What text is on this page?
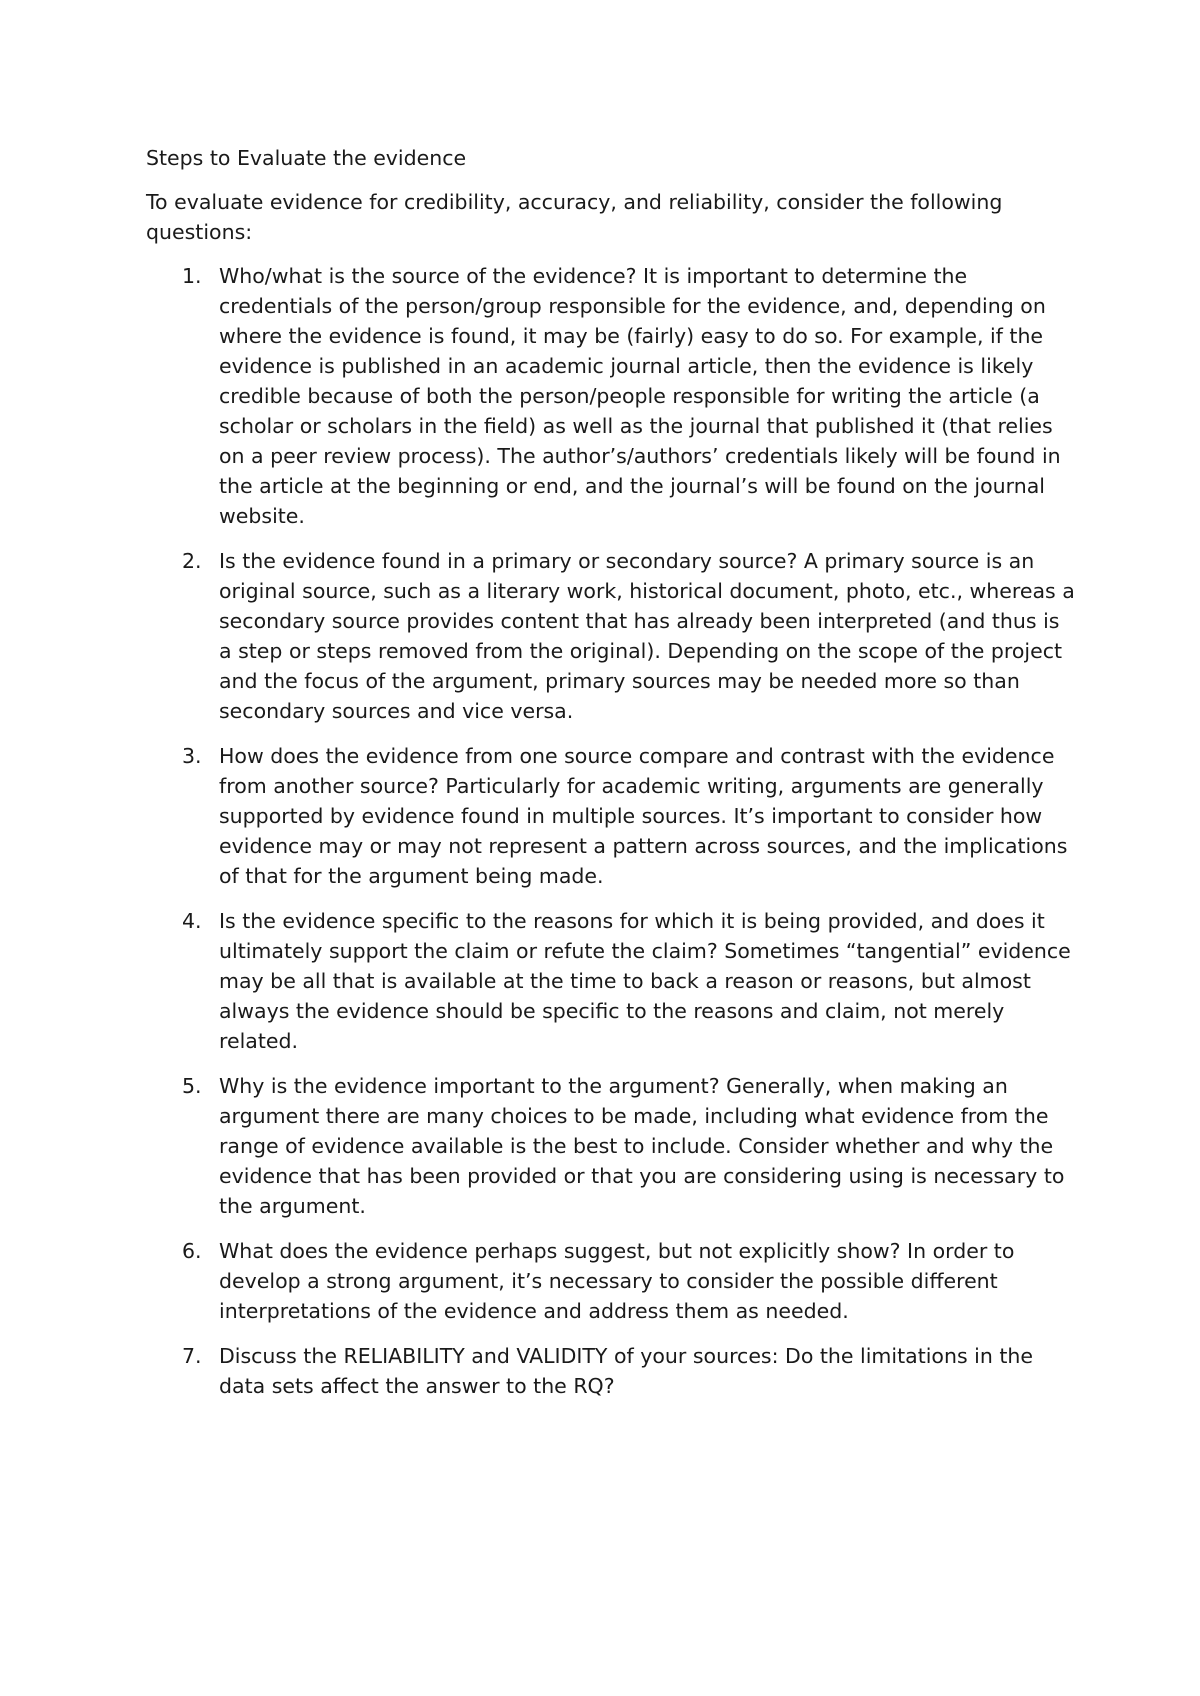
Steps to Evaluate the evidence

To evaluate evidence for credibility, accuracy, and reliability, consider the following questions:

1. Who/what is the source of the evidence? It is important to determine the credentials of the person/group responsible for the evidence, and, depending on where the evidence is found, it may be (fairly) easy to do so. For example, if the evidence is published in an academic journal article, then the evidence is likely credible because of both the person/people responsible for writing the article (a scholar or scholars in the field) as well as the journal that published it (that relies on a peer review process). The author’s/authors’ credentials likely will be found in the article at the beginning or end, and the journal’s will be found on the journal website.
2. Is the evidence found in a primary or secondary source? A primary source is an original source, such as a literary work, historical document, photo, etc., whereas a secondary source provides content that has already been interpreted (and thus is a step or steps removed from the original). Depending on the scope of the project and the focus of the argument, primary sources may be needed more so than secondary sources and vice versa.
3. How does the evidence from one source compare and contrast with the evidence from another source? Particularly for academic writing, arguments are generally supported by evidence found in multiple sources. It’s important to consider how evidence may or may not represent a pattern across sources, and the implications of that for the argument being made.
4. Is the evidence specific to the reasons for which it is being provided, and does it ultimately support the claim or refute the claim? Sometimes “tangential” evidence may be all that is available at the time to back a reason or reasons, but almost always the evidence should be specific to the reasons and claim, not merely related.
5. Why is the evidence important to the argument? Generally, when making an argument there are many choices to be made, including what evidence from the range of evidence available is the best to include. Consider whether and why the evidence that has been provided or that you are considering using is necessary to the argument.
6. What does the evidence perhaps suggest, but not explicitly show? In order to develop a strong argument, it’s necessary to consider the possible different interpretations of the evidence and address them as needed.
7. Discuss the RELIABILITY and VALIDITY of your sources: Do the limitations in the data sets affect the answer to the RQ?
